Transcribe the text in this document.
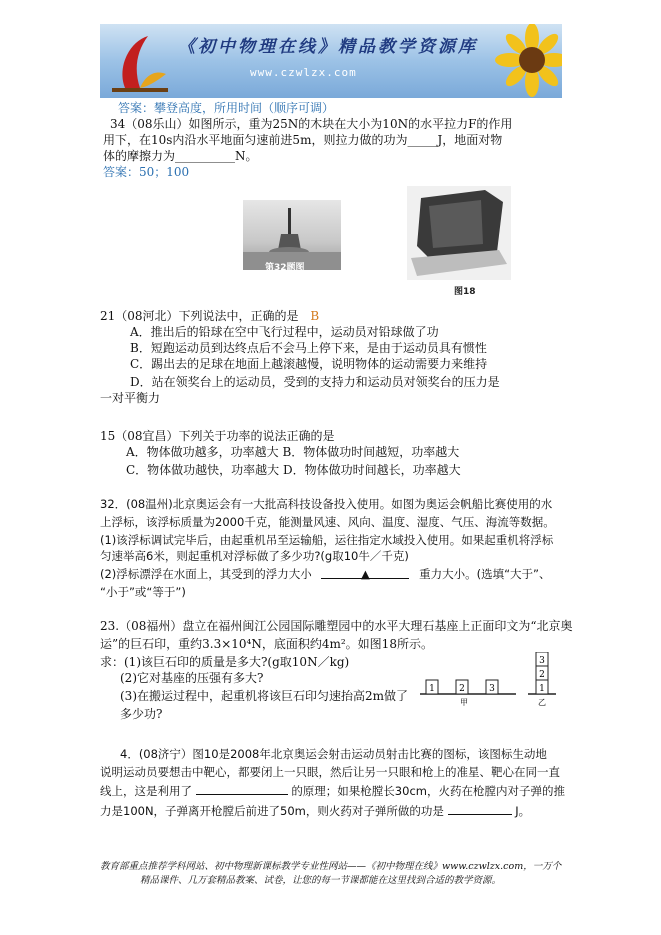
《初中物理在线》精品教学资源库
www.czwlzx.com
答案：攀登高度，所用时间（顺序可调）
34（08乐山）如图所示，重为25N的木块在大小为10N的水平拉力F的作用
用下，在10s内沿水平地面匀速前进5m，则拉力做的功为_____J，地面对物
体的摩擦力为__________N。
答案：50；100
第32题图
图18
21（08河北）下列说法中，正确的是 B
A．推出后的铅球在空中飞行过程中，运动员对铅球做了功
B．短跑运动员到达终点后不会马上停下来，是由于运动员具有惯性
C．踢出去的足球在地面上越滚越慢，说明物体的运动需要力来维持
D．站在领奖台上的运动员，受到的支持力和运动员对领奖台的压力是
一对平衡力
15（08宜昌）下列关于功率的说法正确的是
A．物体做功越多，功率越大 B．物体做功时间越短，功率越大
C．物体做功越快，功率越大 D．物体做功时间越长，功率越大
32．(08温州)北京奥运会有一大批高科技设备投入使用。如图为奥运会帆船比赛使用的水
上浮标，该浮标质量为2000千克，能测量风速、风向、温度、湿度、气压、海流等数据。
(1)该浮标调试完毕后，由起重机吊至运输船，运往指定水域投入使用。如果起重机将浮标
匀速举高6米，则起重机对浮标做了多少功?(g取10牛／千克)
(2)浮标漂浮在水面上，其受到的浮力大小	▲	重力大小。(选填“大于”、
“小于”或“等于”)
23.（08福州）盘立在福州闽江公园国际雕塑园中的水平大理石基座上正面印文为“北京奥
运”的巨石印，重约3.3×10⁴N，底面积约4m²。如图18所示。
求：(1)该巨石印的质量是多大?(g取10N／kg)
(2)它对基座的压强有多大?
(3)在搬运过程中，起重机将该巨石印匀速抬高2m做了
多少功?
1	2	3
3
2
1
甲	乙
4．(08济宁）图10是2008年北京奥运会射击运动员射击比赛的图标，该图标生动地
说明运动员要想击中靶心，都要闭上一只眼，然后让另一只眼和枪上的准星、靶心在同一直
线上，这是利用了	的原理；如果枪膛长30cm，火药在枪膛内对子弹的推
力是100N，子弹离开枪膛后前进了50m，则火药对子弹所做的功是	J。
教育部重点推荐学科网站、初中物理新课标教学专业性网站——《初中物理在线》www.czwlzx.com，一万个
精品课件、几万套精品教案、试卷，让您的每一节课都能在这里找到合适的教学资源。
